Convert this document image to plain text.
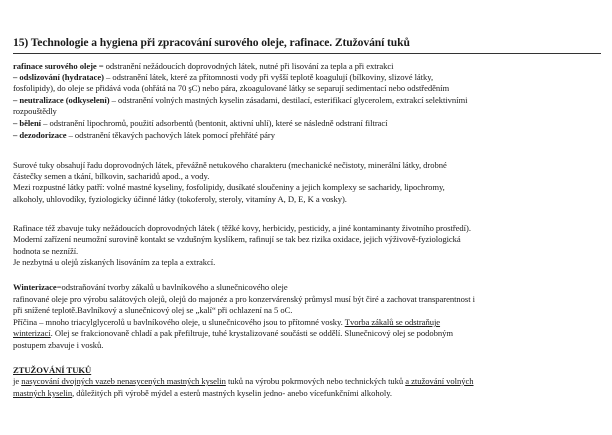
15) Technologie a hygiena při zpracování surového oleje, rafinace. Ztužování tuků
rafinace surového oleje = odstranění nežádoucích doprovodných látek, nutné při lisování za tepla a při extrakci
– odslizování (hydratace) – odstranění látek, které za přítomnosti vody při vyšší teplotě koagulují (bílkoviny, slizové látky,
fosfolipidy), do oleje se přidává voda (ohřátá na 70 şC) nebo pára, zkoagulované látky se separují sedimentací nebo odstředěním
– neutralizace (odkyselení) – odstranění volných mastných kyselin zásadami, destilací, esterifikací glycerolem, extrakcí selektivními
rozpouštědly
– bělení – odstranění lipochromů, použití adsorbentů (bentonit, aktivní uhlí), které se následně odstraní filtrací
– dezodorizace – odstranění těkavých pachových látek pomocí přehřáté páry
Surové tuky obsahují řadu doprovodných látek, převážně netukového charakteru (mechanické nečistoty, minerální látky, drobné
částečky semen a tkání, bílkovin, sacharidů apod., a vody.
Mezi rozpustné látky patří: volné mastné kyseliny, fosfolipidy, dusíkaté sloučeniny a jejich komplexy se sacharidy, lipochromy,
alkoholy, uhlovodíky, fyziologicky účinné látky (tokoferoly, steroly, vitamíny A, D, E, K a vosky).
Rafinace též zbavuje tuky nežádoucích doprovodných látek ( těžké kovy, herbicidy, pesticidy, a jiné kontaminanty životního prostředí).
Moderní zařízení neumožní surovině kontakt se vzdušným kyslíkem, rafinují se tak bez rizika oxidace, jejich výživově-fyziologická
hodnota se nezníží.
Je nezbytná u olejů získaných lisováním za tepla a extrakcí.
Winterizace=odstraňování tvorby zákalů u bavlníkového a slunečnicového oleje
rafinované oleje pro výrobu salátových olejů, olejů do majonéz a pro konzervárenský průmysl musí být čiré a zachovat transparentnost i
při snížené teplotě.Bavlníkový a slunečnicový olej se „kalí“ při ochlazení na 5 oC.
Příčina – mnoho triacylglycerolů u bavlníkového oleje, u slunečnicového jsou to přítomné vosky. Tvorba zákalů se odstraňuje
winterizací. Olej se frakcionovaně chladí a pak přefiltruje, tuhé krystalizované součásti se oddělí. Slunečnicový olej se podobným
postupem zbavuje i vosků.
ZTUŽOVÁNÍ TUKŮ
je nasycování dvojných vazeb nenasycených mastných kyselin tuků na výrobu pokrmových nebo technických tuků a ztužování volných
mastných kyselin, důležitých při výrobě mýdel a esterů mastných kyselin jedno- anebo vícefunkčními alkoholy.
